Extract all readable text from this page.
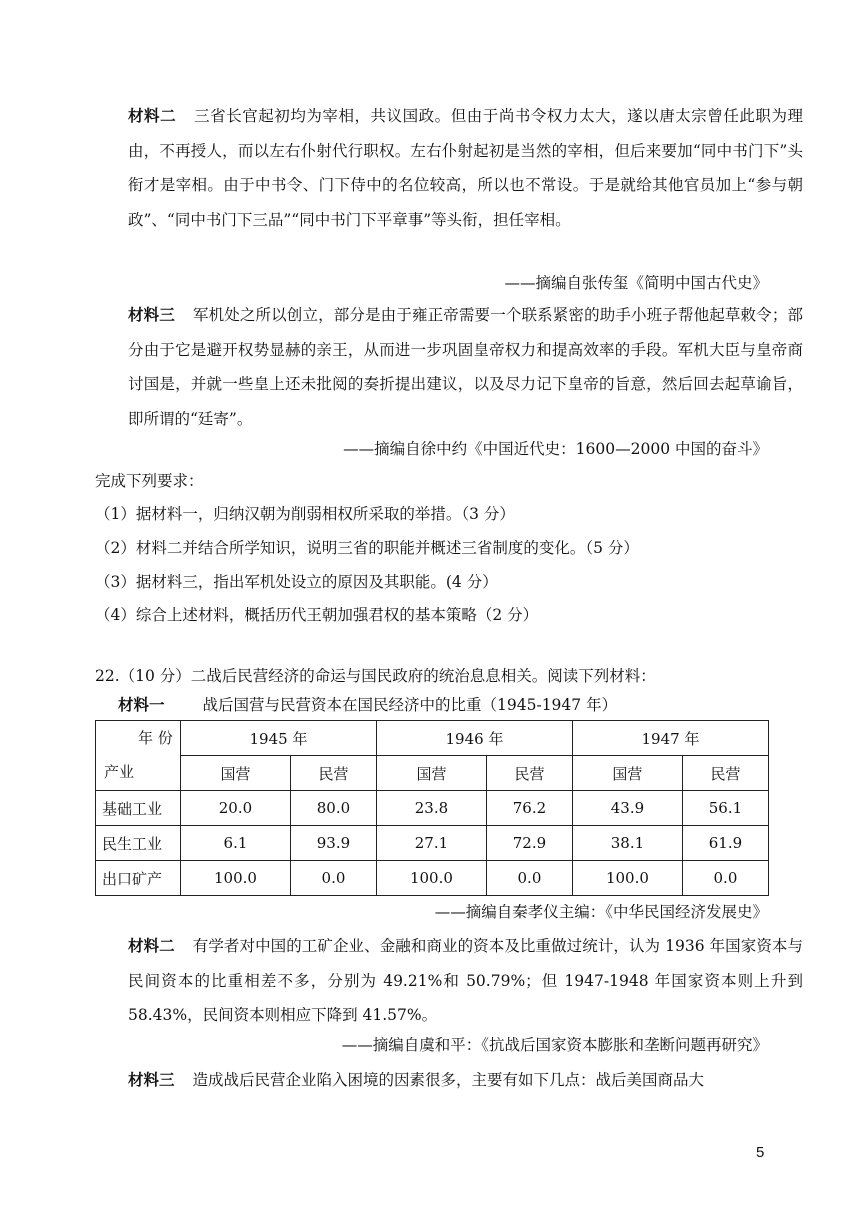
材料二 三省长官起初均为宰相，共议国政。但由于尚书令权力太大，遂以唐太宗曾任此职为理由，不再授人，而以左右仆射代行职权。左右仆射起初是当然的宰相，但后来要加“同中书门下”头衔才是宰相。由于中书令、门下侍中的名位较高，所以也不常设。于是就给其他官员加上“参与朝政”、“同中书门下三品”“同中书门下平章事”等头衔，担任宰相。
——摘编自张传玺《简明中国古代史》
材料三 军机处之所以创立，部分是由于雍正帝需要一个联系紧密的助手小班子帮他起草敕令；部分由于它是避开权势显赫的亲王，从而进一步巩固皇帝权力和提高效率的手段。军机大臣与皇帝商讨国是，并就一些皇上还未批阅的奏折提出建议，以及尽力记下皇帝的旨意，然后回去起草谕旨，即所谓的“廷寄”。
——摘编自徐中约《中国近代史：1600—2000 中国的奋斗》
完成下列要求：
（1）据材料一，归纳汉朝为削弱相权所采取的举措。（3 分）
（2）材料二并结合所学知识，说明三省的职能并概述三省制度的变化。（5 分）
（3）据材料三，指出军机处设立的原因及其职能。(4 分）
（4）综合上述材料，概括历代王朝加强君权的基本策略（2 分）
22.（10 分）二战后民营经济的命运与国民政府的统治息息相关。阅读下列材料：
材料一 战后国营与民营资本在国民经济中的比重（1945-1947 年）
年 份
产业	1945 年		1946 年		1947 年	
	国营	民营	国营	民营	国营	民营
基础工业	20.0	80.0	23.8	76.2	43.9	56.1
民生工业	6.1	93.9	27.1	72.9	38.1	61.9
出口矿产	100.0	0.0	100.0	0.0	100.0	0.0
——摘编自秦孝仪主编：《中华民国经济发展史》
材料二 有学者对中国的工矿企业、金融和商业的资本及比重做过统计，认为 1936 年国家资本与民间资本的比重相差不多，分别为 49.21%和 50.79%；但 1947-1948 年国家资本则上升到 58.43%，民间资本则相应下降到 41.57%。
——摘编自虞和平：《抗战后国家资本膨胀和垄断问题再研究》
材料三 造成战后民营企业陷入困境的因素很多，主要有如下几点：战后美国商品大
5
